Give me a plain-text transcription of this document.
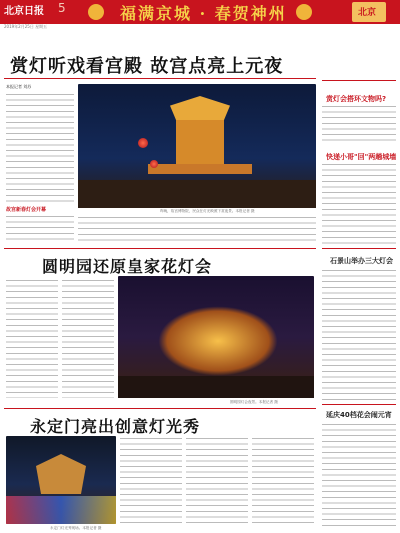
北京日报 5	福满京城 · 春贺神州	北京
2019年2月25日 星期五
赏灯听戏看宫殿 故宫点亮上元夜
本报记者 刘苏
故宫新春灯会开幕	昨晚，故宫博物院，民众在灯光映照下赏夜景。本报记者 摄
赏灯会搭环文物吗?
快递小哥"回"两趟城墙
圆明园还原皇家花灯会
圆明园灯会夜景。本报记者 摄
石景山举办三大灯会
永定门亮出创意灯光秀
永定门灯光秀现场。本报记者 摄
延庆40档花会闹元宵
